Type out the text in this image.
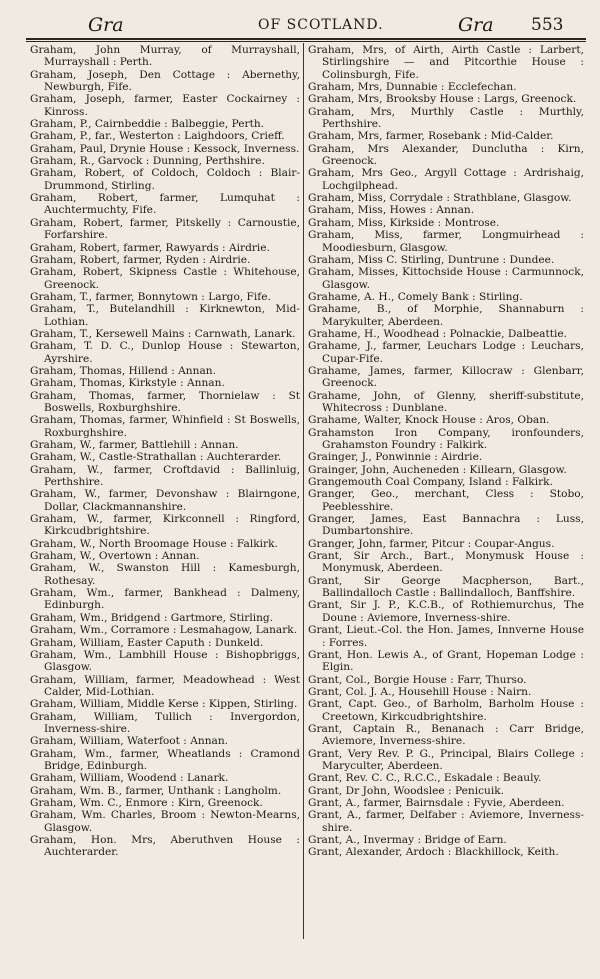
Gra	OF SCOTLAND.	Gra 553
Graham, John Murray, of Murrayshall, Murrayshall : Perth.
Graham, Joseph, Den Cottage : Abernethy, Newburgh, Fife.
Graham, Joseph, farmer, Easter Cockairney : Kinross.
Graham, P., Cairnbeddie : Balbeggie, Perth.
Graham, P., far., Westerton : Laighdoors, Crieff.
Graham, Paul, Drynie House : Kessock, Inverness.
Graham, R., Garvock : Dunning, Perthshire.
Graham, Robert, of Coldoch, Coldoch : Blair-Drummond, Stirling.
Graham, Robert, farmer, Lumquhat : Auchtermuchty, Fife.
Graham, Robert, farmer, Pitskelly : Carnoustie, Forfarshire.
Graham, Robert, farmer, Rawyards : Airdrie.
Graham, Robert, farmer, Ryden : Airdrie.
Graham, Robert, Skipness Castle : Whitehouse, Greenock.
Graham, T., farmer, Bonnytown : Largo, Fife.
Graham, T., Butelandhill : Kirknewton, Mid-Lothian.
Graham, T., Kersewell Mains : Carnwath, Lanark.
Graham, T. D. C., Dunlop House : Stewarton, Ayrshire.
Graham, Thomas, Hillend : Annan.
Graham, Thomas, Kirkstyle : Annan.
Graham, Thomas, farmer, Thornielaw : St Boswells, Roxburghshire.
Graham, Thomas, farmer, Whinfield : St Boswells, Roxburghshire.
Graham, W., farmer, Battlehill : Annan.
Graham, W., Castle-Strathallan : Auchterarder.
Graham, W., farmer, Croftdavid : Ballinluig, Perthshire.
Graham, W., farmer, Devonshaw : Blairngone, Dollar, Clackmannanshire.
Graham, W., farmer, Kirkconnell : Ringford, Kirkcudbrightshire.
Graham, W., North Broomage House : Falkirk.
Graham, W., Overtown : Annan.
Graham, W., Swanston Hill : Kamesburgh, Rothesay.
Graham, Wm., farmer, Bankhead : Dalmeny, Edinburgh.
Graham, Wm., Bridgend : Gartmore, Stirling.
Graham, Wm., Corramore : Lesmahagow, Lanark.
Graham, William, Easter Caputh : Dunkeld.
Graham, Wm., Lambhill House : Bishopbriggs, Glasgow.
Graham, William, farmer, Meadowhead : West Calder, Mid-Lothian.
Graham, William, Middle Kerse : Kippen, Stirling.
Graham, William, Tullich : Invergordon, Inverness-shire.
Graham, William, Waterfoot : Annan.
Graham, Wm., farmer, Wheatlands : Cramond Bridge, Edinburgh.
Graham, William, Woodend : Lanark.
Graham, Wm. B., farmer, Unthank : Langholm.
Graham, Wm. C., Enmore : Kirn, Greenock.
Graham, Wm. Charles, Broom : Newton-Mearns, Glasgow.
Graham, Hon. Mrs, Aberuthven House : Auchterarder.
Graham, Mrs, of Airth, Airth Castle : Larbert, Stirlingshire — and Pitcorthie House : Colinsburgh, Fife.
Graham, Mrs, Dunnabie : Ecclefechan.
Graham, Mrs, Brooksby House : Largs, Greenock.
Graham, Mrs, Murthly Castle : Murthly, Perthshire.
Graham, Mrs, farmer, Rosebank : Mid-Calder.
Graham, Mrs Alexander, Dunclutha : Kirn, Greenock.
Graham, Mrs Geo., Argyll Cottage : Ardrishaig, Lochgilphead.
Graham, Miss, Corrydale : Strathblane, Glasgow.
Graham, Miss, Howes : Annan.
Graham, Miss, Kirkside : Montrose.
Graham, Miss, farmer, Longmuirhead : Moodiesburn, Glasgow.
Graham, Miss C. Stirling, Duntrune : Dundee.
Graham, Misses, Kittochside House : Carmunnock, Glasgow.
Grahame, A. H., Comely Bank : Stirling.
Grahame, B., of Morphie, Shannaburn : Marykulter, Aberdeen.
Grahame, H., Woodhead : Polnackie, Dalbeattie.
Grahame, J., farmer, Leuchars Lodge : Leuchars, Cupar-Fife.
Grahame, James, farmer, Killocraw : Glenbarr, Greenock.
Grahame, John, of Glenny, sheriff-substitute, Whitecross : Dunblane.
Grahame, Walter, Knock House : Aros, Oban.
Grahamston Iron Company, ironfounders, Grahamston Foundry : Falkirk.
Grainger, J., Ponwinnie : Airdrie.
Grainger, John, Aucheneden : Killearn, Glasgow.
Grangemouth Coal Company, Island : Falkirk.
Granger, Geo., merchant, Cless : Stobo, Peeblesshire.
Granger, James, East Bannachra : Luss, Dumbartonshire.
Granger, John, farmer, Pitcur : Coupar-Angus.
Grant, Sir Arch., Bart., Monymusk House : Monymusk, Aberdeen.
Grant, Sir George Macpherson, Bart., Ballindalloch Castle : Ballindalloch, Banffshire.
Grant, Sir J. P., K.C.B., of Rothiemurchus, The Doune : Aviemore, Inverness-shire.
Grant, Lieut.-Col. the Hon. James, Innverne House : Forres.
Grant, Hon. Lewis A., of Grant, Hopeman Lodge : Elgin.
Grant, Col., Borgie House : Farr, Thurso.
Grant, Col. J. A., Househill House : Nairn.
Grant, Capt. Geo., of Barholm, Barholm House : Creetown, Kirkcudbrightshire.
Grant, Captain R., Benanach : Carr Bridge, Aviemore, Inverness-shire.
Grant, Very Rev. P. G., Principal, Blairs College : Maryculter, Aberdeen.
Grant, Rev. C. C., R.C.C., Eskadale : Beauly.
Grant, Dr John, Woodslee : Penicuik.
Grant, A., farmer, Bairnsdale : Fyvie, Aberdeen.
Grant, A., farmer, Delfaber : Aviemore, Inverness-shire.
Grant, A., Invermay : Bridge of Earn.
Grant, Alexander, Ardoch : Blackhillock, Keith.
